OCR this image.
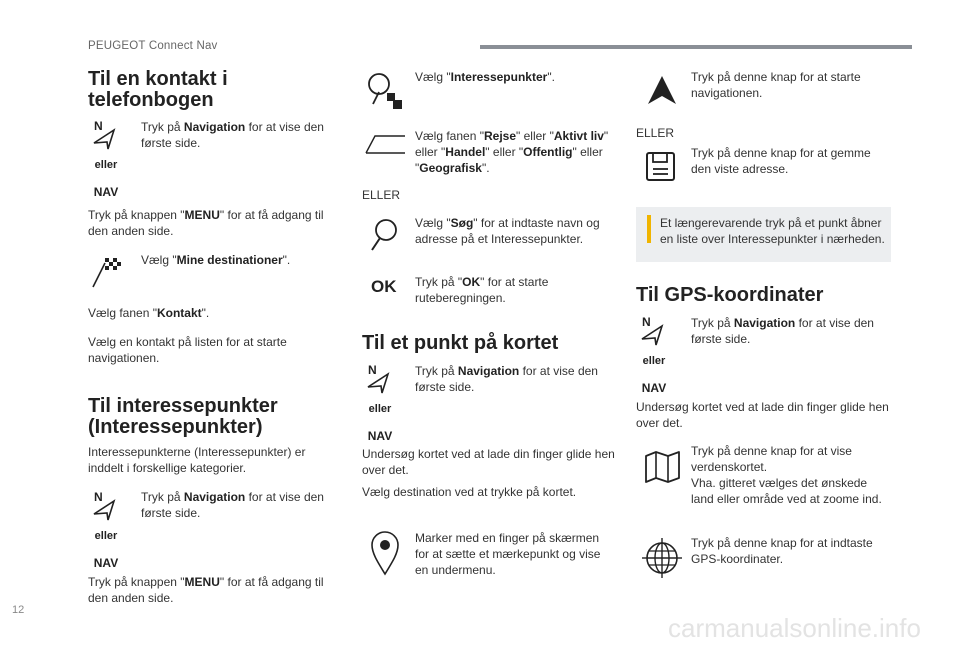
PEUGEOT Connect Nav
12
carmanualsonline.info
Til en kontakt i
telefonbogen
N
eller
NAV
Tryk på Navigation for at vise den
første side.
Tryk på knappen "MENU" for at få adgang til
den anden side.
Vælg "Mine destinationer".
Vælg fanen "Kontakt".
Vælg en kontakt på listen for at starte
navigationen.
Til interessepunkter
(Interessepunkter)
Interessepunkterne (Interessepunkter) er
inddelt i forskellige kategorier.
N
eller
NAV
Tryk på Navigation for at vise den
første side.
Tryk på knappen "MENU" for at få adgang til
den anden side.
Vælg "Interessepunkter".
Vælg fanen "Rejse" eller "Aktivt liv"
eller "Handel" eller "Offentlig" eller
"Geografisk".
ELLER
Vælg "Søg" for at indtaste navn og
adresse på et Interessepunkter.
OK Tryk på "OK" for at starte
ruteberegningen.
Til et punkt på kortet
N
eller
NAV
Tryk på Navigation for at vise den
første side.
Undersøg kortet ved at lade din finger glide hen
over det.
Vælg destination ved at trykke på kortet.
Marker med en finger på skærmen
for at sætte et mærkepunkt og vise
en undermenu.
Tryk på denne knap for at starte
navigationen.
ELLER
Tryk på denne knap for at gemme
den viste adresse.
Et længerevarende tryk på et punkt åbner
en liste over Interessepunkter i nærheden.
Til GPS-koordinater
N
eller
NAV
Tryk på Navigation for at vise den
første side.
Undersøg kortet ved at lade din finger glide hen
over det.
Tryk på denne knap for at vise
verdenskortet.
Vha. gitteret vælges det ønskede
land eller område ved at zoome ind.
Tryk på denne knap for at indtaste
GPS-koordinater.
